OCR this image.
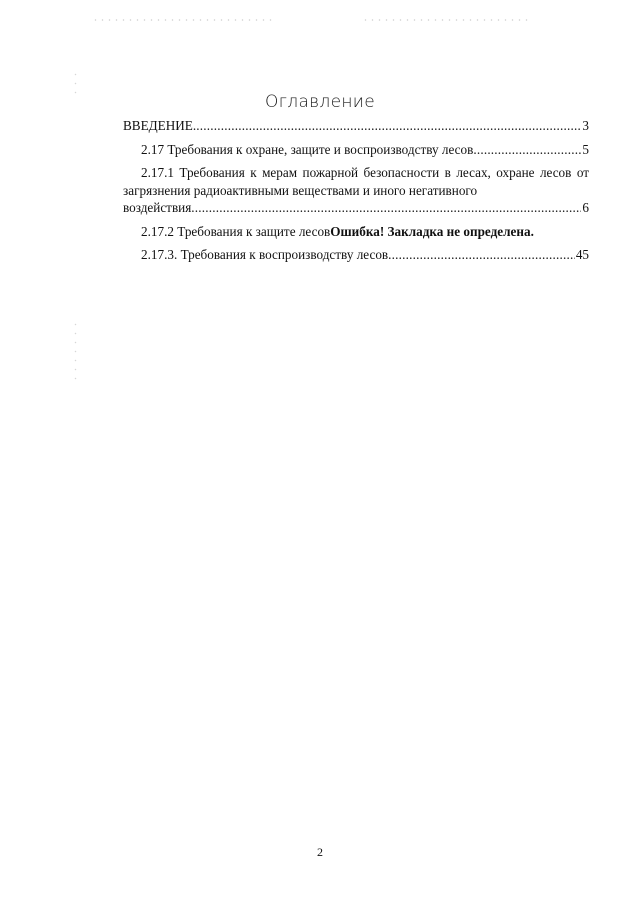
Оглавление
ВВЕДЕНИЕ .....	3
2.17 Требования к охране, защите и воспроизводству лесов .....	5
2.17.1 Требования к мерам пожарной безопасности в лесах, охране лесов от загрязнения радиоактивными веществами и иного негативного
воздействия .....	6
2.17.2 Требования к защите лесов Ошибка! Закладка не определена.
2.17.3. Требования к воспроизводству лесов .....	45
2
